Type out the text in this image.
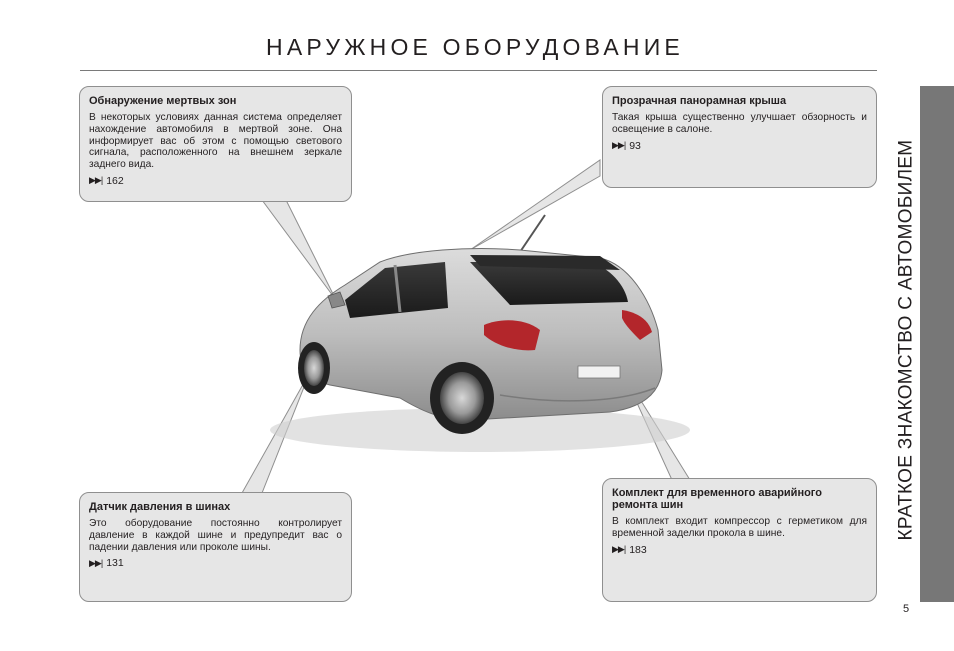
НАРУЖНОЕ ОБОРУДОВАНИЕ
Обнаружение мертвых зон

В некоторых условиях данная система определяет нахождение автомобиля в мертвой зоне. Она информирует вас об этом с помощью светового сигнала, расположенного на внешнем зеркале заднего вида.

▶▶| 162
Прозрачная панорамная крыша

Такая крыша существенно улучшает обзорность и освещение в салоне.

▶▶| 93
Датчик давления в шинах

Это оборудование постоянно контролирует давление в каждой шине и предупредит вас о падении давления или проколе шины.

▶▶| 131
Комплект для временного аварийного ремонта шин

В комплект входит компрессор с герметиком для временной заделки прокола в шине.

▶▶| 183
КРАТКОЕ ЗНАКОМСТВО С АВТОМОБИЛЕМ
5
